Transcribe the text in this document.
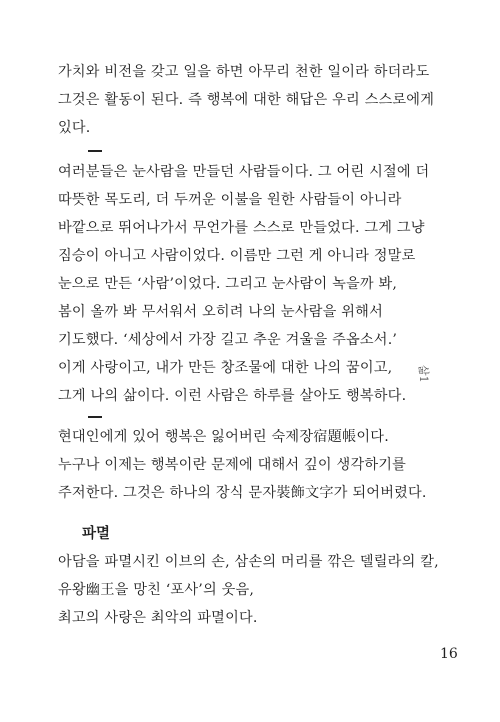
가치와 비전을 갖고 일을 하면 아무리 천한 일이라 하더라도
그것은 활동이 된다. 즉 행복에 대한 해답은 우리 스스로에게
있다.
여러분들은 눈사람을 만들던 사람들이다. 그 어린 시절에 더
따뜻한 목도리, 더 두꺼운 이불을 원한 사람들이 아니라
바깥으로 뛰어나가서 무언가를 스스로 만들었다. 그게 그냥
짐승이 아니고 사람이었다. 이름만 그런 게 아니라 정말로
눈으로 만든 ‘사람’이었다. 그리고 눈사람이 녹을까 봐,
봄이 올까 봐 무서워서 오히려 나의 눈사람을 위해서
기도했다. ‘세상에서 가장 길고 추운 겨울을 주옵소서.’
이게 사랑이고, 내가 만든 창조물에 대한 나의 꿈이고,
그게 나의 삶이다. 이런 사람은 하루를 살아도 행복하다.
현대인에게 있어 행복은 잃어버린 숙제장宿題帳이다.
누구나 이제는 행복이란 문제에 대해서 깊이 생각하기를
주저한다. 그것은 하나의 장식 문자裝飾文字가 되어버렸다.
파멸
아담을 파멸시킨 이브의 손, 삼손의 머리를 깎은 델릴라의 칼,
유왕幽王을 망친 ‘포사’의 웃음,
최고의 사랑은 최악의 파멸이다.
삶1
16
